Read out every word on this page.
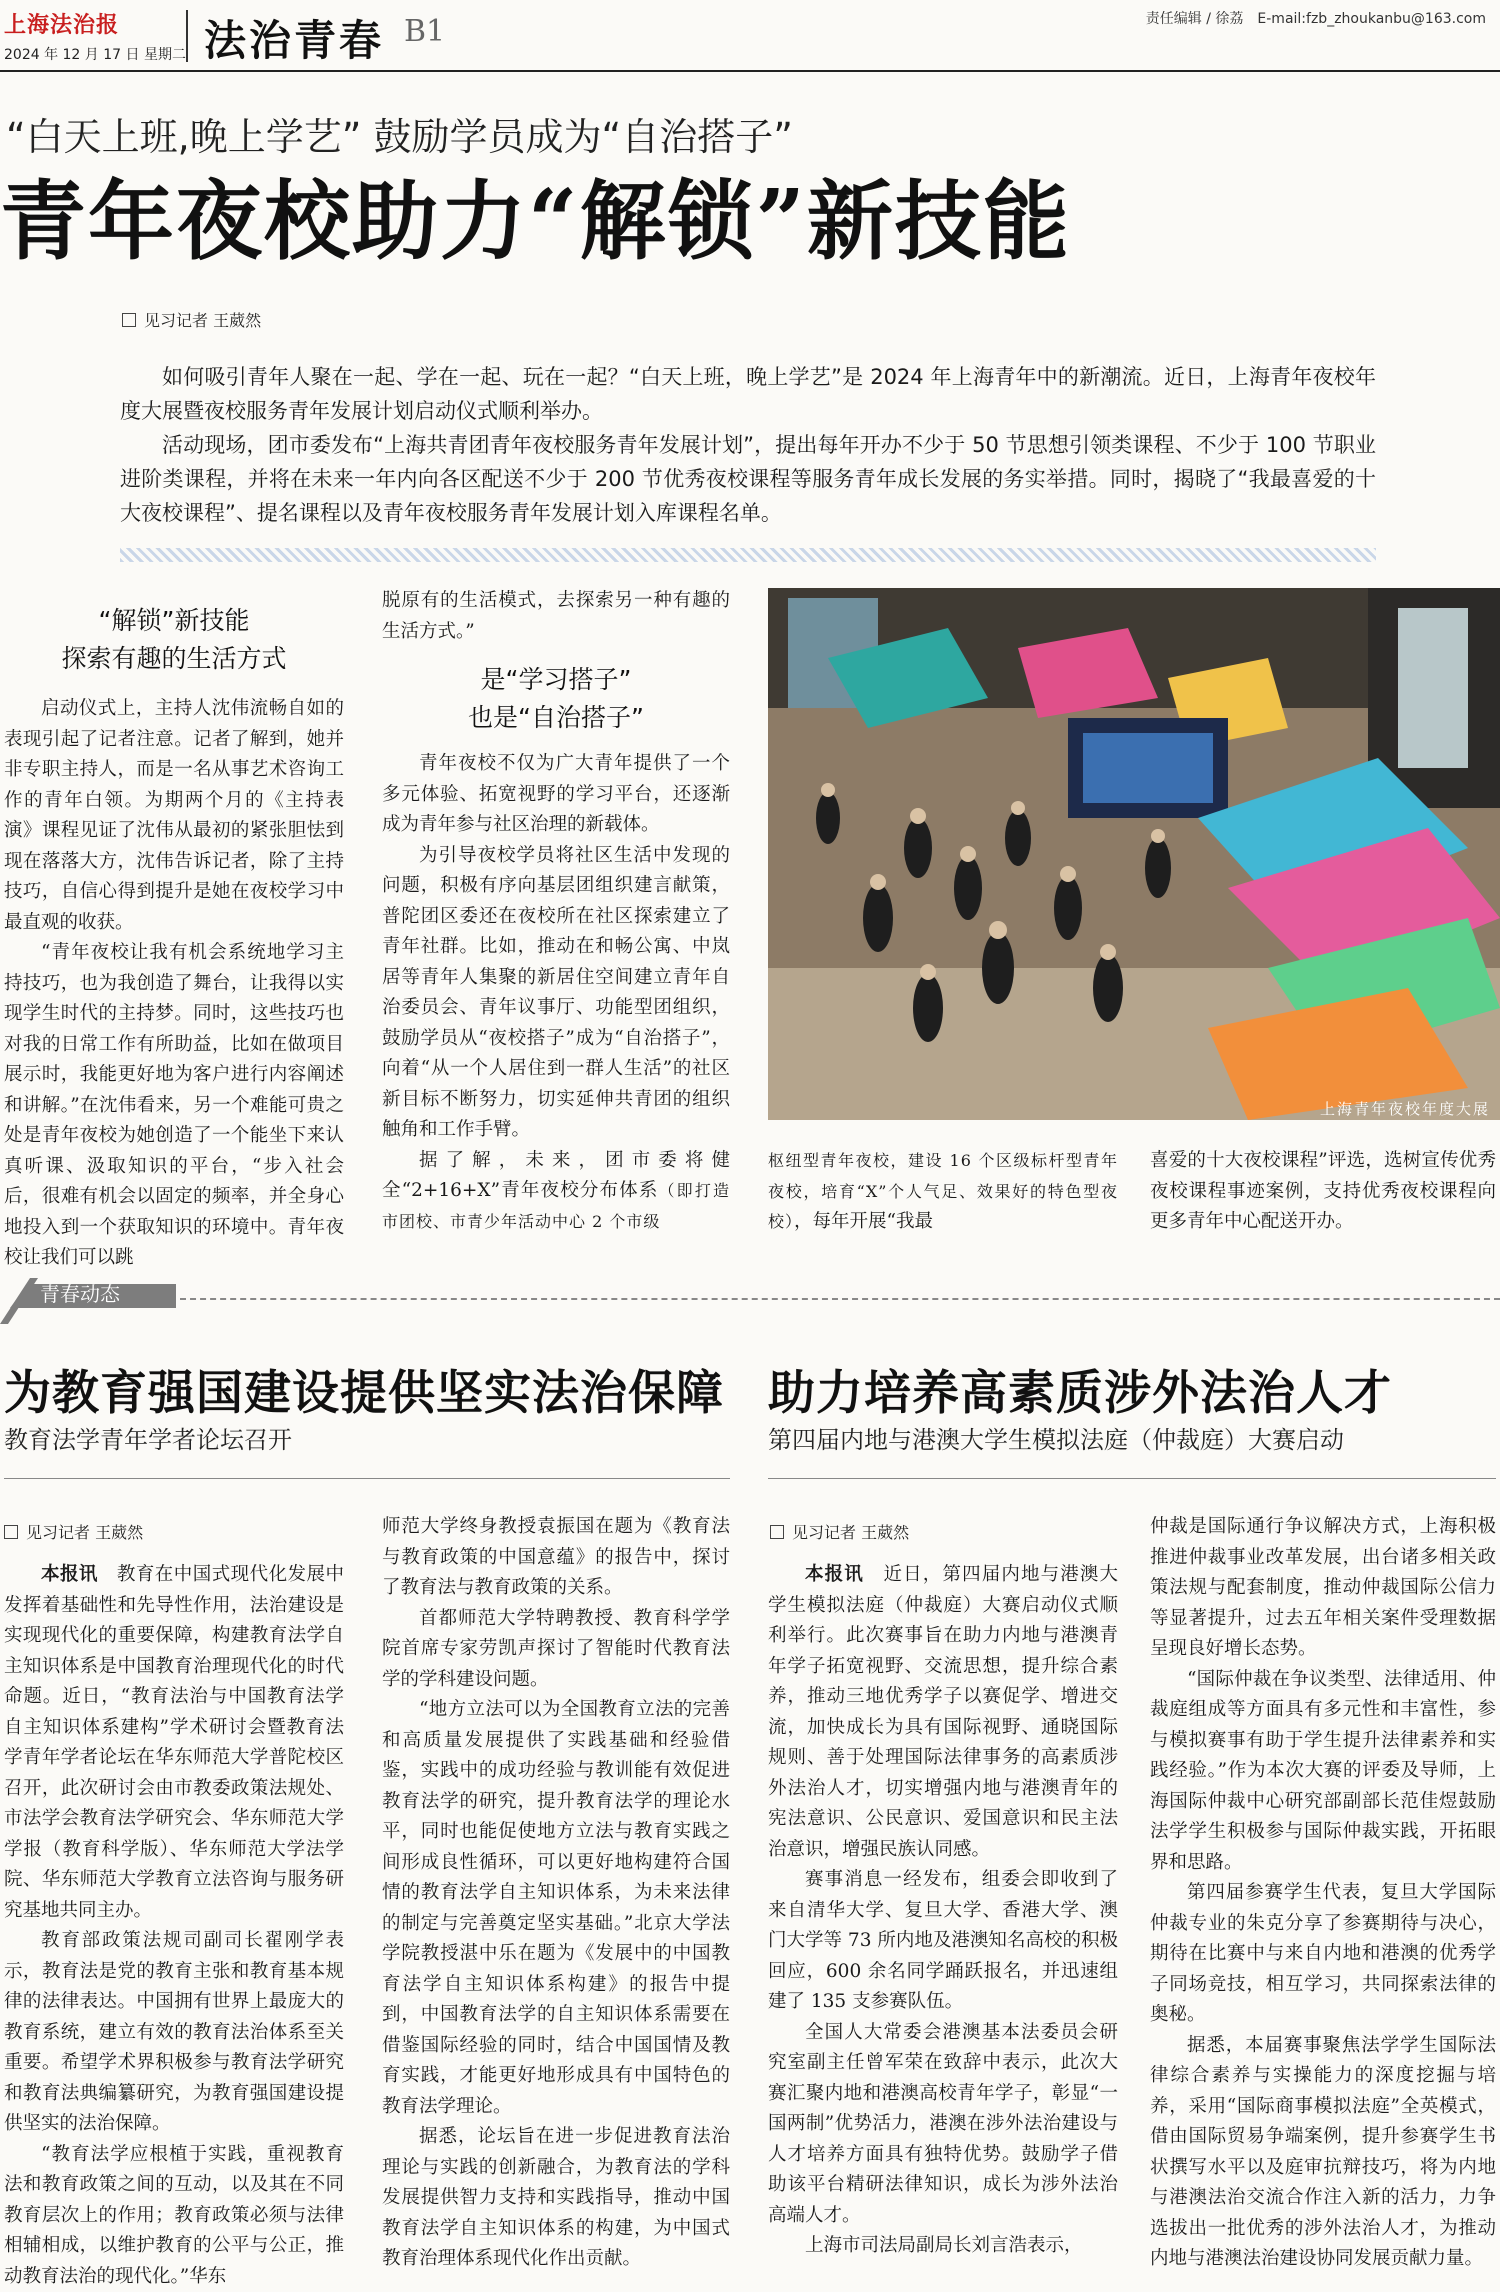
上海法治报
2024 年 12 月 17 日 星期二 法治青春 B1	责任编辑 / 徐荔　E-mail:fzb_zhoukanbu@163.com
“白天上班,晚上学艺” 鼓励学员成为“自治搭子”
青年夜校助力“解锁”新技能
见习记者 王葳然

如何吸引青年人聚在一起、学在一起、玩在一起？“白天上班，晚上学艺”是 2024 年上海青年中的新潮流。近日，上海青年夜校年度大展暨夜校服务青年发展计划启动仪式顺利举办。

活动现场，团市委发布“上海共青团青年夜校服务青年发展计划”，提出每年开办不少于 50 节思想引领类课程、不少于 100 节职业进阶类课程，并将在未来一年内向各区配送不少于 200 节优秀夜校课程等服务青年成长发展的务实举措。同时，揭晓了“我最喜爱的十大夜校课程”、提名课程以及青年夜校服务青年发展计划入库课程名单。

“解锁”新技能
探索有趣的生活方式

启动仪式上，主持人沈伟流畅自如的表现引起了记者注意。记者了解到，她并非专职主持人，而是一名从事艺术咨询工作的青年白领。为期两个月的《主持表演》课程见证了沈伟从最初的紧张胆怯到现在落落大方，沈伟告诉记者，除了主持技巧，自信心得到提升是她在夜校学习中最直观的收获。

“青年夜校让我有机会系统地学习主持技巧，也为我创造了舞台，让我得以实现学生时代的主持梦。同时，这些技巧也对我的日常工作有所助益，比如在做项目展示时，我能更好地为客户进行内容阐述和讲解。”在沈伟看来，另一个难能可贵之处是青年夜校为她创造了一个能坐下来认真听课、汲取知识的平台，“步入社会后，很难有机会以固定的频率，并全身心地投入到一个获取知识的环境中。青年夜校让我们可以跳

脱原有的生活模式，去探索另一种有趣的生活方式。”

是“学习搭子”
也是“自治搭子”

青年夜校不仅为广大青年提供了一个多元体验、拓宽视野的学习平台，还逐渐成为青年参与社区治理的新载体。

为引导夜校学员将社区生活中发现的问题，积极有序向基层团组织建言献策，普陀团区委还在夜校所在社区探索建立了青年社群。比如，推动在和畅公寓、中岚居等青年人集聚的新居住空间建立青年自治委员会、青年议事厅、功能型团组织，鼓励学员从“夜校搭子”成为“自治搭子”，向着“从一个人居住到一群人生活”的社区新目标不断努力，切实延伸共青团的组织触角和工作手臂。

据了解，未来，团市委将健全“2+16+X”青年夜校分布体系（即打造市团校、市青少年活动中心 2 个市级

上海青年夜校年度大展

枢纽型青年夜校，建设 16 个区级标杆型青年夜校，培育“X”个人气足、效果好的特色型夜校），每年开展“我最

喜爱的十大夜校课程”评选，选树宣传优秀夜校课程事迹案例，支持优秀夜校课程向更多青年中心配送开办。

青春动态
为教育强国建设提供坚实法治保障
教育法学青年学者论坛召开
见习记者 王葳然

本报讯　 教育在中国式现代化发展中发挥着基础性和先导性作用，法治建设是实现现代化的重要保障，构建教育法学自主知识体系是中国教育治理现代化的时代命题。近日，“教育法治与中国教育法学自主知识体系建构”学术研讨会暨教育法学青年学者论坛在华东师范大学普陀校区召开，此次研讨会由市教委政策法规处、市法学会教育法学研究会、华东师范大学学报（教育科学版）、华东师范大学法学院、华东师范大学教育立法咨询与服务研究基地共同主办。

教育部政策法规司副司长翟刚学表示，教育法是党的教育主张和教育基本规律的法律表达。中国拥有世界上最庞大的教育系统，建立有效的教育法治体系至关重要。希望学术界积极参与教育法学研究和教育法典编纂研究，为教育强国建设提供坚实的法治保障。

“教育法学应根植于实践，重视教育法和教育政策之间的互动，以及其在不同教育层次上的作用；教育政策必须与法律相辅相成，以维护教育的公平与公正，推动教育法治的现代化。”华东

师范大学终身教授袁振国在题为《教育法与教育政策的中国意蕴》的报告中，探讨了教育法与教育政策的关系。

首都师范大学特聘教授、教育科学学院首席专家劳凯声探讨了智能时代教育法学的学科建设问题。

“地方立法可以为全国教育立法的完善和高质量发展提供了实践基础和经验借鉴，实践中的成功经验与教训能有效促进教育法学的研究，提升教育法学的理论水平，同时也能促使地方立法与教育实践之间形成良性循环，可以更好地构建符合国情的教育法学自主知识体系，为未来法律的制定与完善奠定坚实基础。”北京大学法学院教授湛中乐在题为《发展中的中国教育法学自主知识体系构建》的报告中提到，中国教育法学的自主知识体系需要在借鉴国际经验的同时，结合中国国情及教育实践，才能更好地形成具有中国特色的教育法学理论。

据悉，论坛旨在进一步促进教育法治理论与实践的创新融合，为教育法的学科发展提供智力支持和实践指导，推动中国教育法学自主知识体系的构建，为中国式教育治理体系现代化作出贡献。

助力培养高素质涉外法治人才
第四届内地与港澳大学生模拟法庭（仲裁庭）大赛启动
见习记者 王葳然

本报讯　 近日，第四届内地与港澳大学生模拟法庭（仲裁庭）大赛启动仪式顺利举行。此次赛事旨在助力内地与港澳青年学子拓宽视野、交流思想，提升综合素养，推动三地优秀学子以赛促学、增进交流，加快成长为具有国际视野、通晓国际规则、善于处理国际法律事务的高素质涉外法治人才，切实增强内地与港澳青年的宪法意识、公民意识、爱国意识和民主法治意识，增强民族认同感。

赛事消息一经发布，组委会即收到了来自清华大学、复旦大学、香港大学、澳门大学等 73 所内地及港澳知名高校的积极回应，600 余名同学踊跃报名，并迅速组建了 135 支参赛队伍。

全国人大常委会港澳基本法委员会研究室副主任曾军荣在致辞中表示，此次大赛汇聚内地和港澳高校青年学子，彰显“一国两制”优势活力，港澳在涉外法治建设与人才培养方面具有独特优势。鼓励学子借助该平台精研法律知识，成长为涉外法治高端人才。

上海市司法局副局长刘言浩表示，

仲裁是国际通行争议解决方式，上海积极推进仲裁事业改革发展，出台诸多相关政策法规与配套制度，推动仲裁国际公信力等显著提升，过去五年相关案件受理数据呈现良好增长态势。

“国际仲裁在争议类型、法律适用、仲裁庭组成等方面具有多元性和丰富性，参与模拟赛事有助于学生提升法律素养和实践经验。”作为本次大赛的评委及导师，上海国际仲裁中心研究部副部长范佳煜鼓励法学学生积极参与国际仲裁实践，开拓眼界和思路。

第四届参赛学生代表，复旦大学国际仲裁专业的朱克分享了参赛期待与决心，期待在比赛中与来自内地和港澳的优秀学子同场竞技，相互学习，共同探索法律的奥秘。

据悉，本届赛事聚焦法学学生国际法律综合素养与实操能力的深度挖掘与培养，采用“国际商事模拟法庭”全英模式，借由国际贸易争端案例，提升参赛学生书状撰写水平以及庭审抗辩技巧，将为内地与港澳法治交流合作注入新的活力，力争选拔出一批优秀的涉外法治人才，为推动内地与港澳法治建设协同发展贡献力量。
